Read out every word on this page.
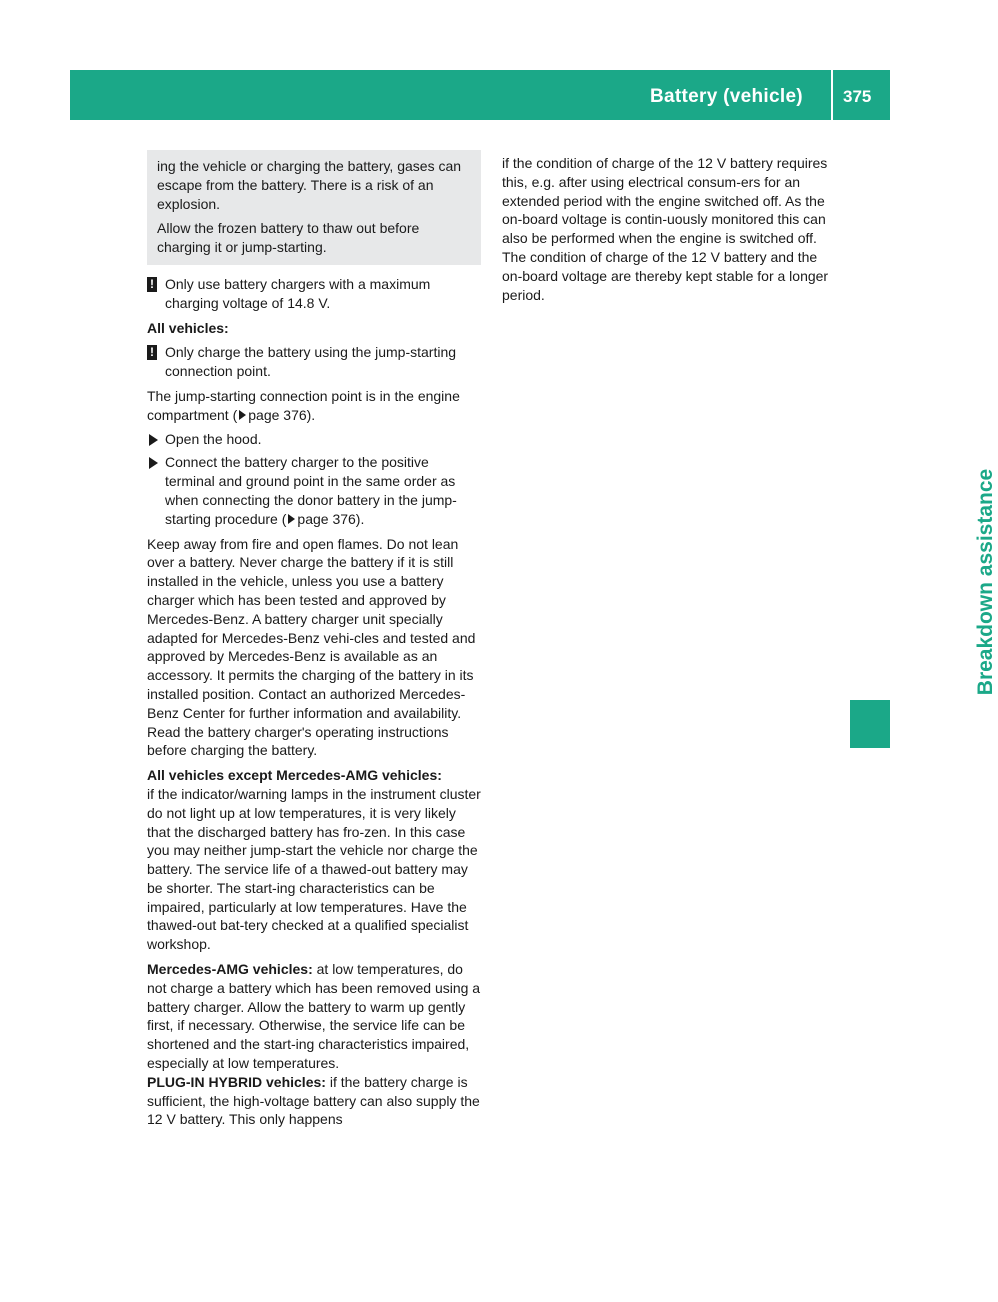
Battery (vehicle) 375
Breakdown assistance

ing the vehicle or charging the battery, gases can escape from the battery. There is a risk of an explosion.

Allow the frozen battery to thaw out before charging it or jump-starting.

! Only use battery chargers with a maximum charging voltage of 14.8 V.
All vehicles:
! Only charge the battery using the jump-starting connection point.

The jump-starting connection point is in the engine compartment ( page 376).

Open the hood.
Connect the battery charger to the positive terminal and ground point in the same order as when connecting the donor battery in the jump-starting procedure ( page 376).

Keep away from fire and open flames. Do not lean over a battery. Never charge the battery if it is still installed in the vehicle, unless you use a battery charger which has been tested and approved by Mercedes-Benz. A battery charger unit specially adapted for Mercedes-Benz vehi-cles and tested and approved by Mercedes-Benz is available as an accessory. It permits the charging of the battery in its installed position. Contact an authorized Mercedes-Benz Center for further information and availability. Read the battery charger's operating instructions before charging the battery.

All vehicles except Mercedes-AMG vehicles:

if the indicator/warning lamps in the instrument cluster do not light up at low temperatures, it is very likely that the discharged battery has fro-zen. In this case you may neither jump-start the vehicle nor charge the battery. The service life of a thawed-out battery may be shorter. The start-ing characteristics can be impaired, particularly at low temperatures. Have the thawed-out bat-tery checked at a qualified specialist workshop.

Mercedes-AMG vehicles: at low temperatures, do not charge a battery which has been removed using a battery charger. Allow the battery to warm up gently first, if necessary. Otherwise, the service life can be shortened and the start-ing characteristics impaired, especially at low temperatures.

PLUG-IN HYBRID vehicles: if the battery charge is sufficient, the high-voltage battery can also supply the 12 V battery. This only happens

if the condition of charge of the 12 V battery requires this, e.g. after using electrical consum-ers for an extended period with the engine switched off. As the on-board voltage is contin-uously monitored this can also be performed when the engine is switched off. The condition of charge of the 12 V battery and the on-board voltage are thereby kept stable for a longer period.
